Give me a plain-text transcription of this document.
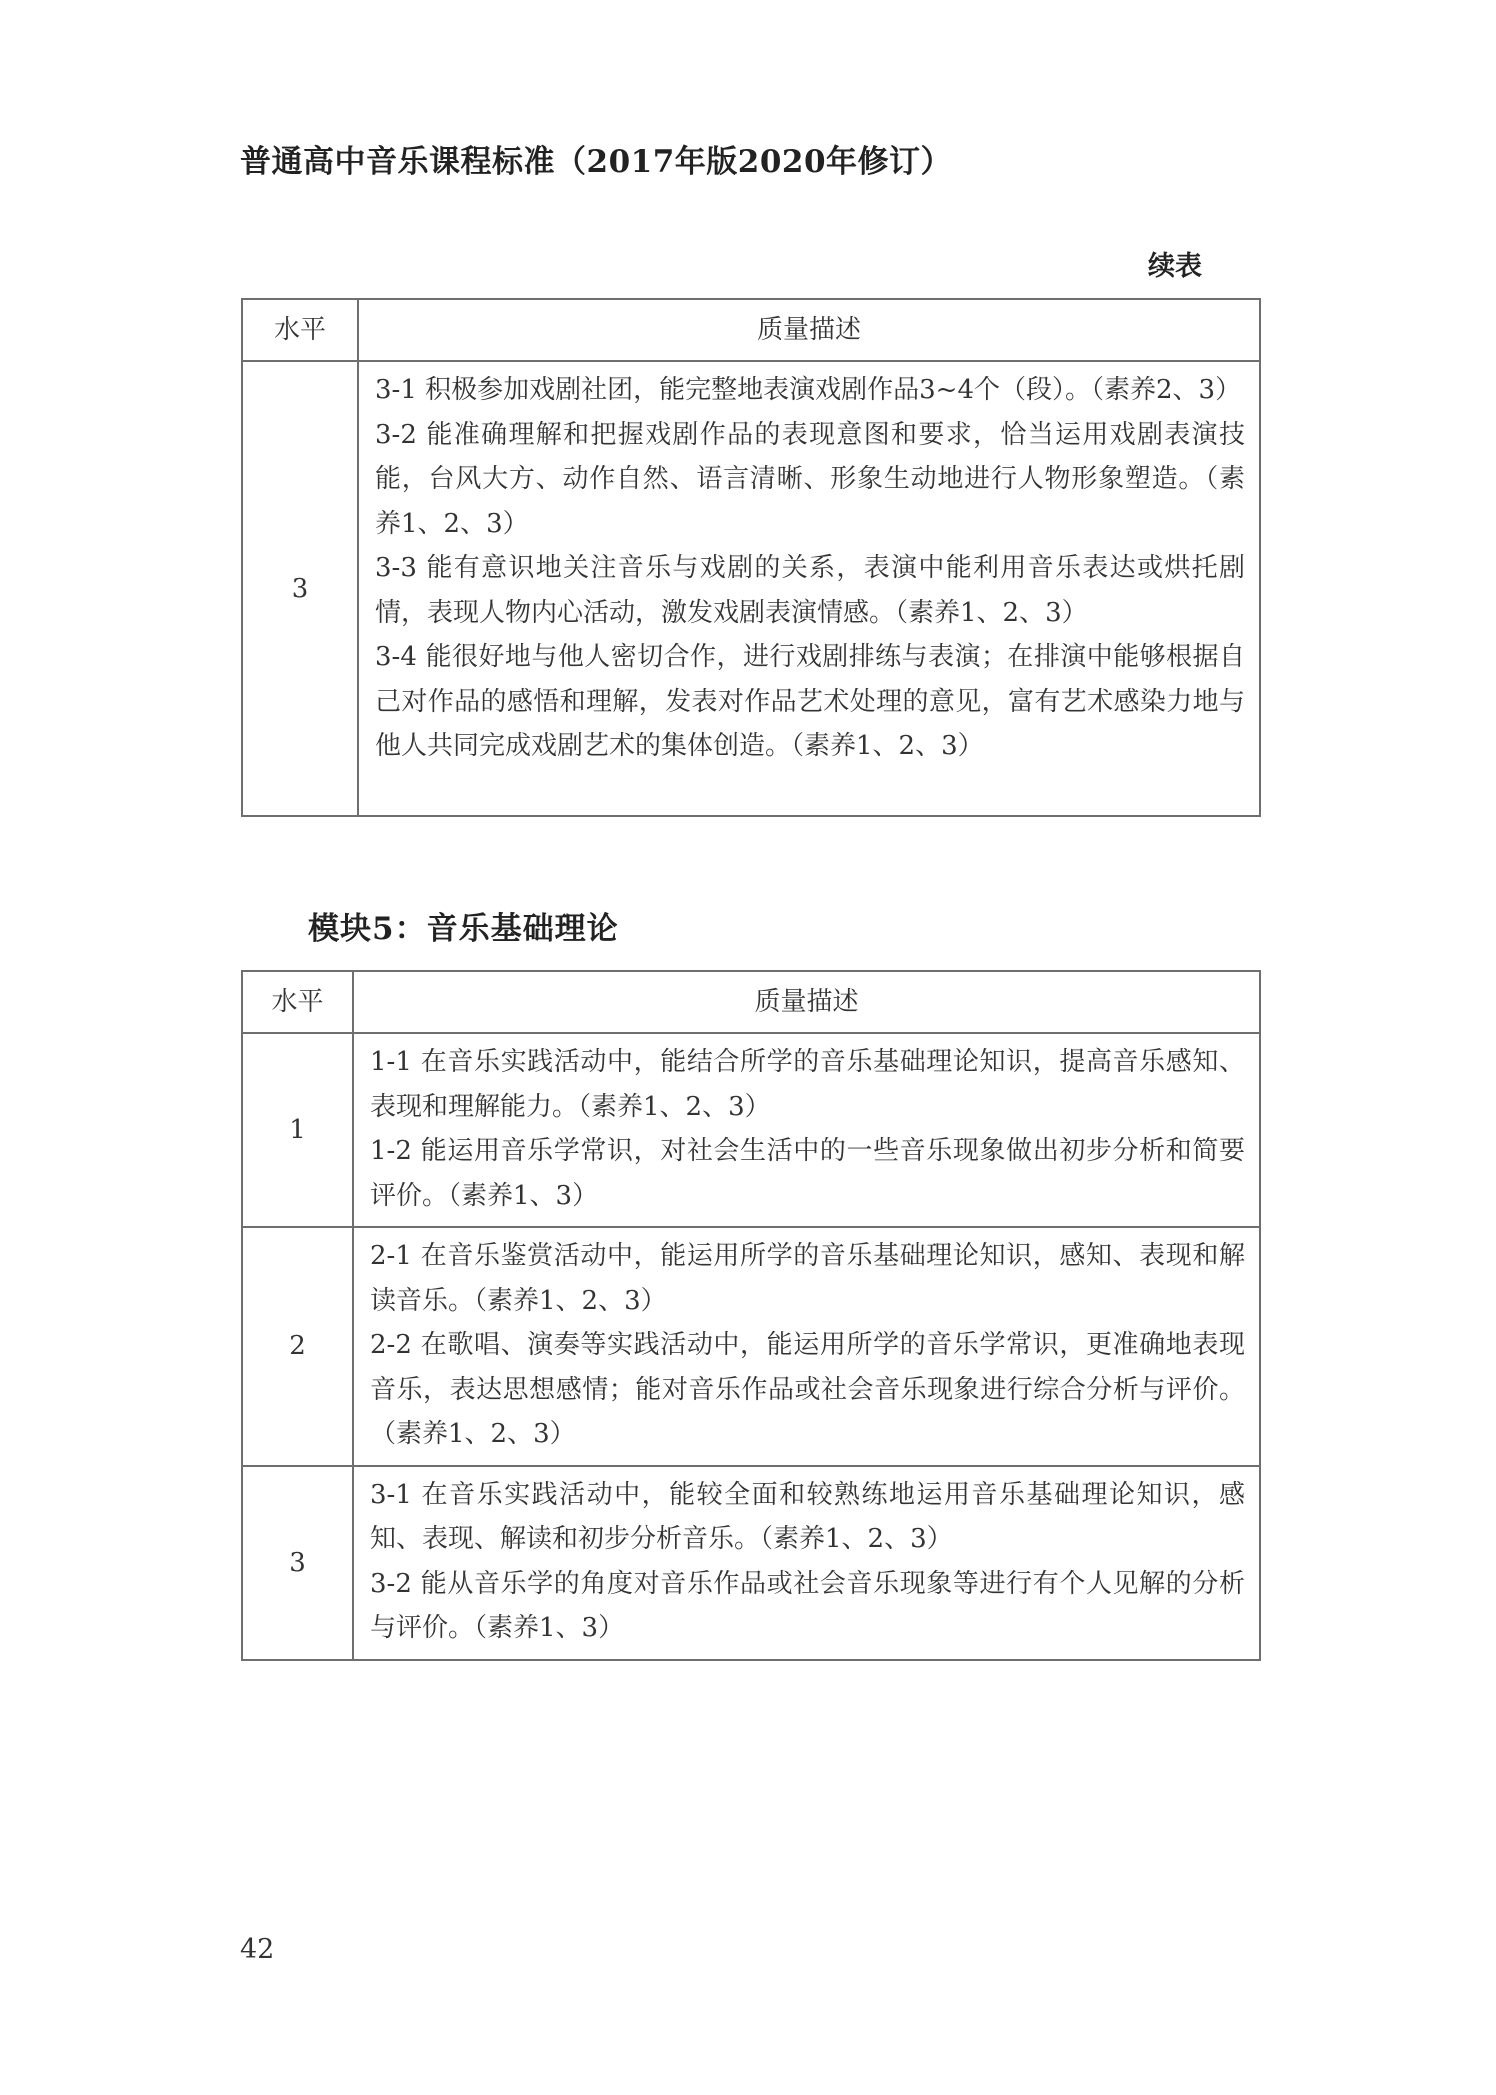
普通高中音乐课程标准（2017年版2020年修订）
续表
水平	质量描述
3	3-1 积极参加戏剧社团，能完整地表演戏剧作品3~4个（段）。（素养2、3）
3-2 能准确理解和把握戏剧作品的表现意图和要求，恰当运用戏剧表演技能，台风大方、动作自然、语言清晰、形象生动地进行人物形象塑造。（素养1、2、3）
3-3 能有意识地关注音乐与戏剧的关系，表演中能利用音乐表达或烘托剧情，表现人物内心活动，激发戏剧表演情感。（素养1、2、3）
3-4 能很好地与他人密切合作，进行戏剧排练与表演；在排演中能够根据自己对作品的感悟和理解，发表对作品艺术处理的意见，富有艺术感染力地与他人共同完成戏剧艺术的集体创造。（素养1、2、3）
模块5：音乐基础理论
水平	质量描述
1	1-1 在音乐实践活动中，能结合所学的音乐基础理论知识，提高音乐感知、表现和理解能力。（素养1、2、3）
1-2 能运用音乐学常识，对社会生活中的一些音乐现象做出初步分析和简要评价。（素养1、3）

2	2-1 在音乐鉴赏活动中，能运用所学的音乐基础理论知识，感知、表现和解读音乐。（素养1、2、3）
2-2 在歌唱、演奏等实践活动中，能运用所学的音乐学常识，更准确地表现音乐，表达思想感情；能对音乐作品或社会音乐现象进行综合分析与评价。（素养1、2、3）

3	3-1 在音乐实践活动中，能较全面和较熟练地运用音乐基础理论知识，感知、表现、解读和初步分析音乐。（素养1、2、3）
3-2 能从音乐学的角度对音乐作品或社会音乐现象等进行有个人见解的分析与评价。（素养1、3）
42
